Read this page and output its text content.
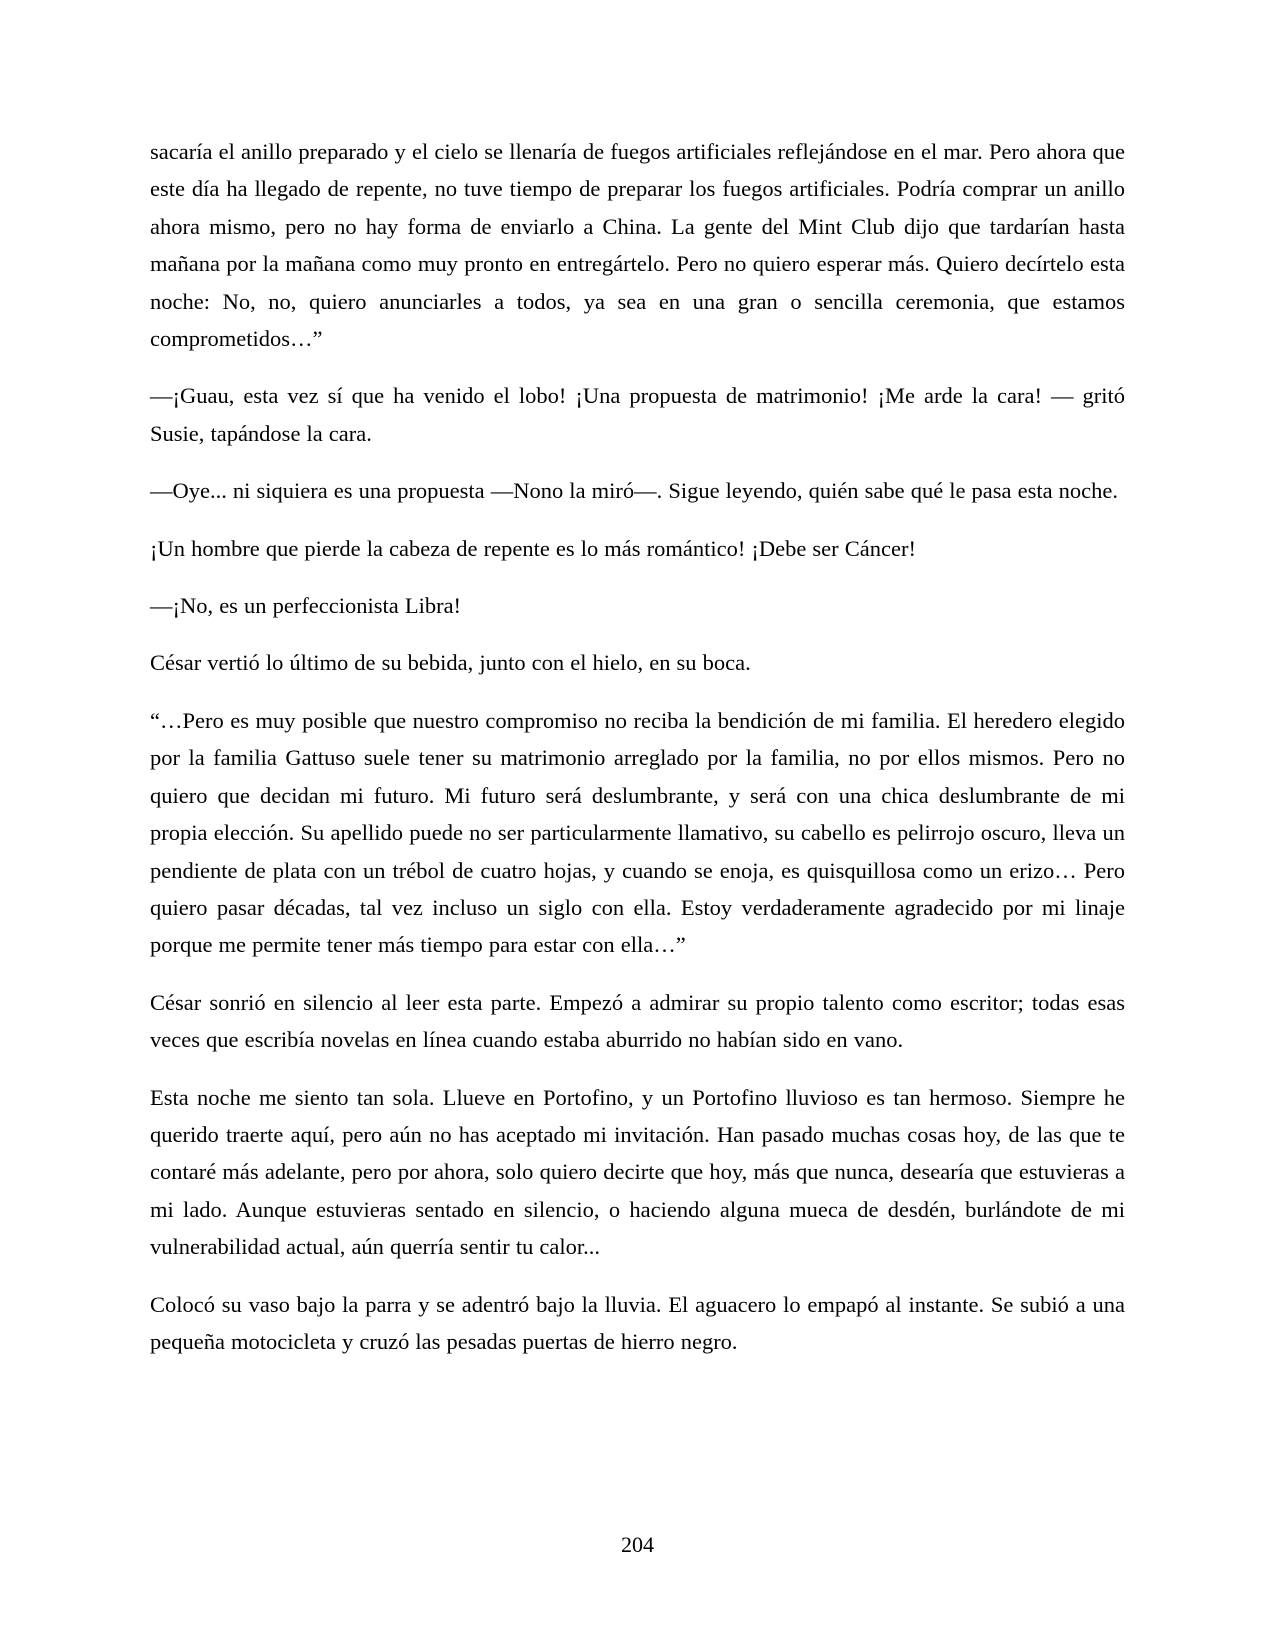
sacaría el anillo preparado y el cielo se llenaría de fuegos artificiales reflejándose en el mar. Pero ahora que este día ha llegado de repente, no tuve tiempo de preparar los fuegos artificiales. Podría comprar un anillo ahora mismo, pero no hay forma de enviarlo a China. La gente del Mint Club dijo que tardarían hasta mañana por la mañana como muy pronto en entregártelo. Pero no quiero esperar más. Quiero decírtelo esta noche: No, no, quiero anunciarles a todos, ya sea en una gran o sencilla ceremonia, que estamos comprometidos…”

—¡Guau, esta vez sí que ha venido el lobo! ¡Una propuesta de matrimonio! ¡Me arde la cara! — gritó Susie, tapándose la cara.

—Oye... ni siquiera es una propuesta —Nono la miró—. Sigue leyendo, quién sabe qué le pasa esta noche.

¡Un hombre que pierde la cabeza de repente es lo más romántico! ¡Debe ser Cáncer!

—¡No, es un perfeccionista Libra!

César vertió lo último de su bebida, junto con el hielo, en su boca.

“…Pero es muy posible que nuestro compromiso no reciba la bendición de mi familia. El heredero elegido por la familia Gattuso suele tener su matrimonio arreglado por la familia, no por ellos mismos. Pero no quiero que decidan mi futuro. Mi futuro será deslumbrante, y será con una chica deslumbrante de mi propia elección. Su apellido puede no ser particularmente llamativo, su cabello es pelirrojo oscuro, lleva un pendiente de plata con un trébol de cuatro hojas, y cuando se enoja, es quisquillosa como un erizo… Pero quiero pasar décadas, tal vez incluso un siglo con ella. Estoy verdaderamente agradecido por mi linaje porque me permite tener más tiempo para estar con ella…”

César sonrió en silencio al leer esta parte. Empezó a admirar su propio talento como escritor; todas esas veces que escribía novelas en línea cuando estaba aburrido no habían sido en vano.

Esta noche me siento tan sola. Llueve en Portofino, y un Portofino lluvioso es tan hermoso. Siempre he querido traerte aquí, pero aún no has aceptado mi invitación. Han pasado muchas cosas hoy, de las que te contaré más adelante, pero por ahora, solo quiero decirte que hoy, más que nunca, desearía que estuvieras a mi lado. Aunque estuvieras sentado en silencio, o haciendo alguna mueca de desdén, burlándote de mi vulnerabilidad actual, aún querría sentir tu calor...

Colocó su vaso bajo la parra y se adentró bajo la lluvia. El aguacero lo empapó al instante. Se subió a una pequeña motocicleta y cruzó las pesadas puertas de hierro negro.

204
